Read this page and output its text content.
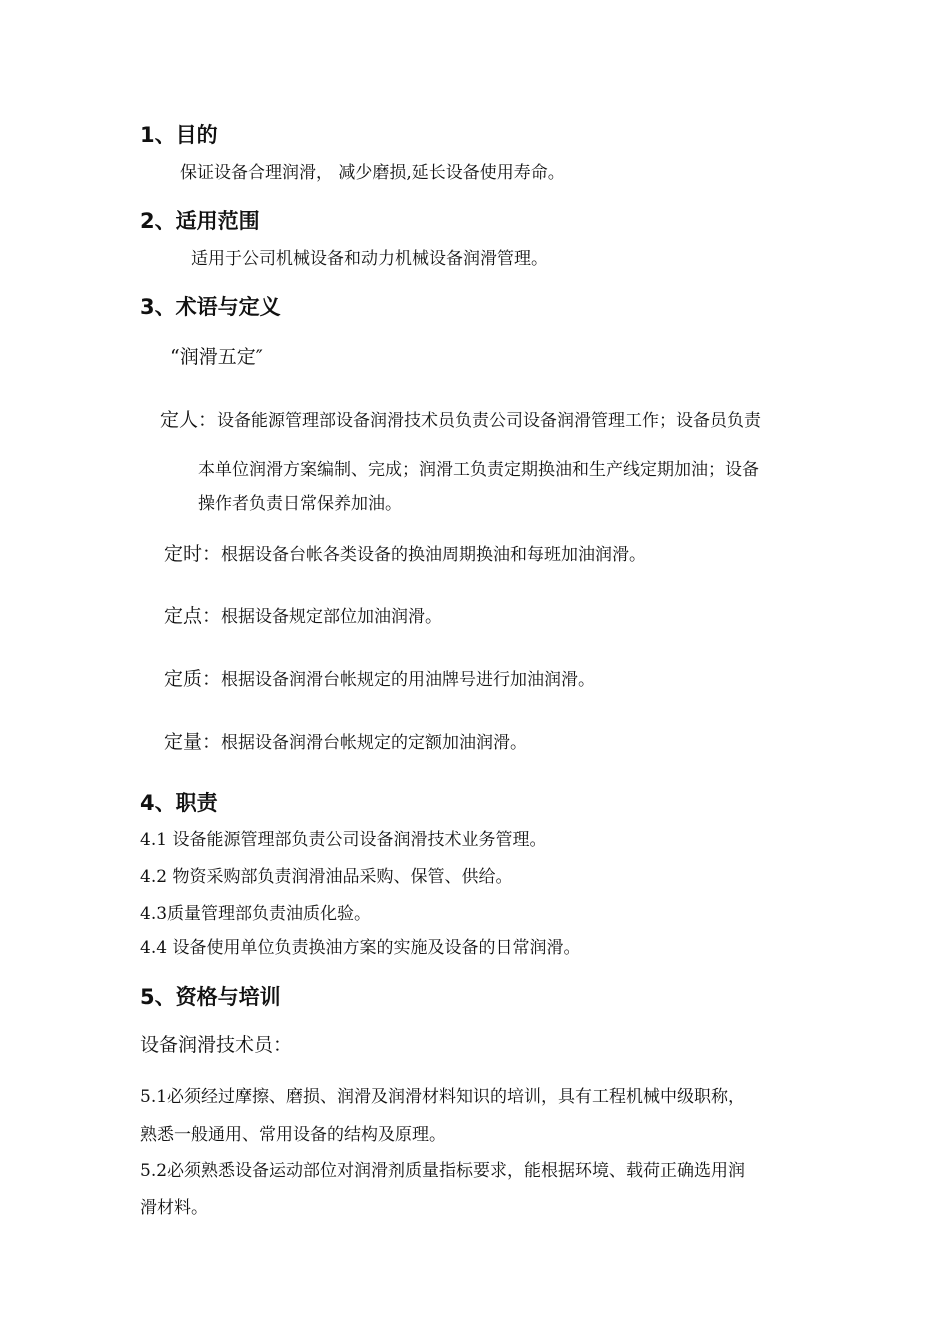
1、目的
保证设备合理润滑， 减少磨损,延长设备使用寿命。
2、适用范围
适用于公司机械设备和动力机械设备润滑管理。
3、术语与定义
“润滑五定″
定人：设备能源管理部设备润滑技术员负责公司设备润滑管理工作；设备员负责
本单位润滑方案编制、完成；润滑工负责定期换油和生产线定期加油；设备
操作者负责日常保养加油。
定时：根据设备台帐各类设备的换油周期换油和每班加油润滑。
定点：根据设备规定部位加油润滑。
定质：根据设备润滑台帐规定的用油牌号进行加油润滑。
定量：根据设备润滑台帐规定的定额加油润滑。
4、职责
4.1 设备能源管理部负责公司设备润滑技术业务管理。
4.2 物资采购部负责润滑油品采购、保管、供给。
4.3质量管理部负责油质化验。
4.4 设备使用单位负责换油方案的实施及设备的日常润滑。
5、资格与培训
设备润滑技术员：
5.1必须经过摩擦、磨损、润滑及润滑材料知识的培训，具有工程机械中级职称，
熟悉一般通用、常用设备的结构及原理。
5.2必须熟悉设备运动部位对润滑剂质量指标要求，能根据环境、载荷正确选用润
滑材料。
